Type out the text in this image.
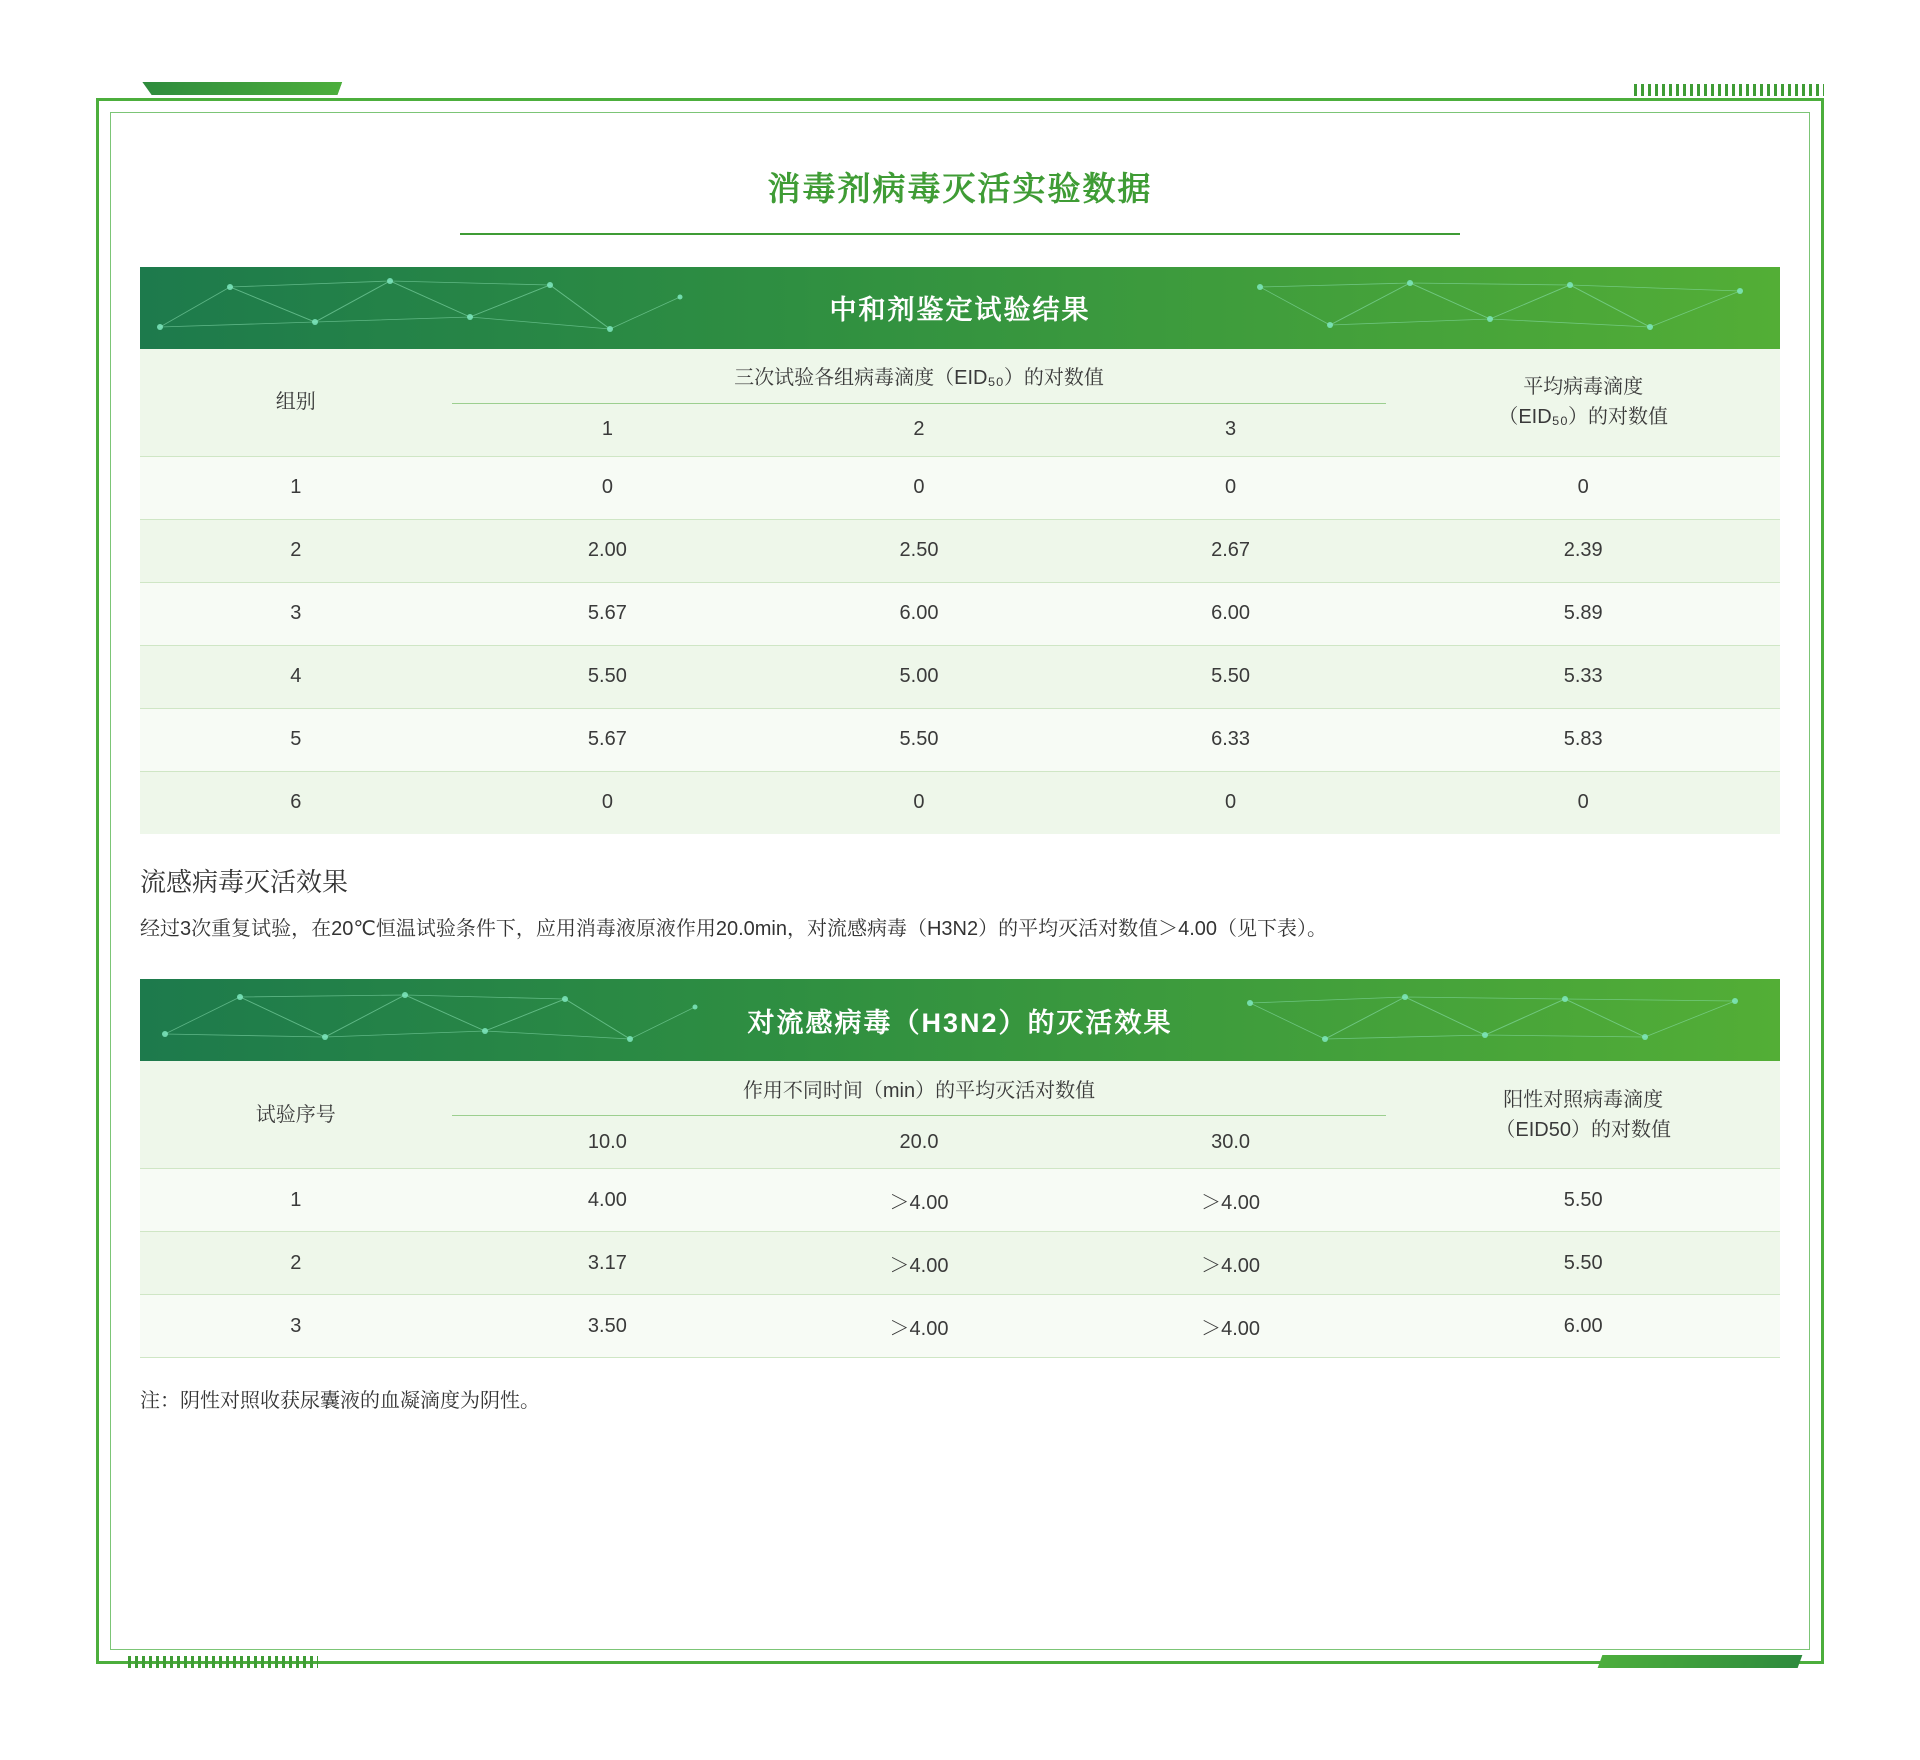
消毒剂病毒灭活实验数据
中和剂鉴定试验结果
组别	三次试验各组病毒滴度（EID₅₀）的对数值			平均病毒滴度
（EID₅₀）的对数值

	1	2	3	
1	0	0	0	0
2	2.00	2.50	2.67	2.39
3	5.67	6.00	6.00	5.89
4	5.50	5.00	5.50	5.33
5	5.67	5.50	6.33	5.83
6	0	0	0	0
流感病毒灭活效果
经过3次重复试验，在20℃恒温试验条件下，应用消毒液原液作用20.0min，对流感病毒（H3N2）的平均灭活对数值＞4.00（见下表）。
对流感病毒（H3N2）的灭活效果
试验序号	作用不同时间（min）的平均灭活对数值			阳性对照病毒滴度
（EID50）的对数值

	10.0	20.0	30.0	
1	4.00	＞4.00	＞4.00	5.50
2	3.17	＞4.00	＞4.00	5.50
3	3.50	＞4.00	＞4.00	6.00
注：阴性对照收获尿囊液的血凝滴度为阴性。
